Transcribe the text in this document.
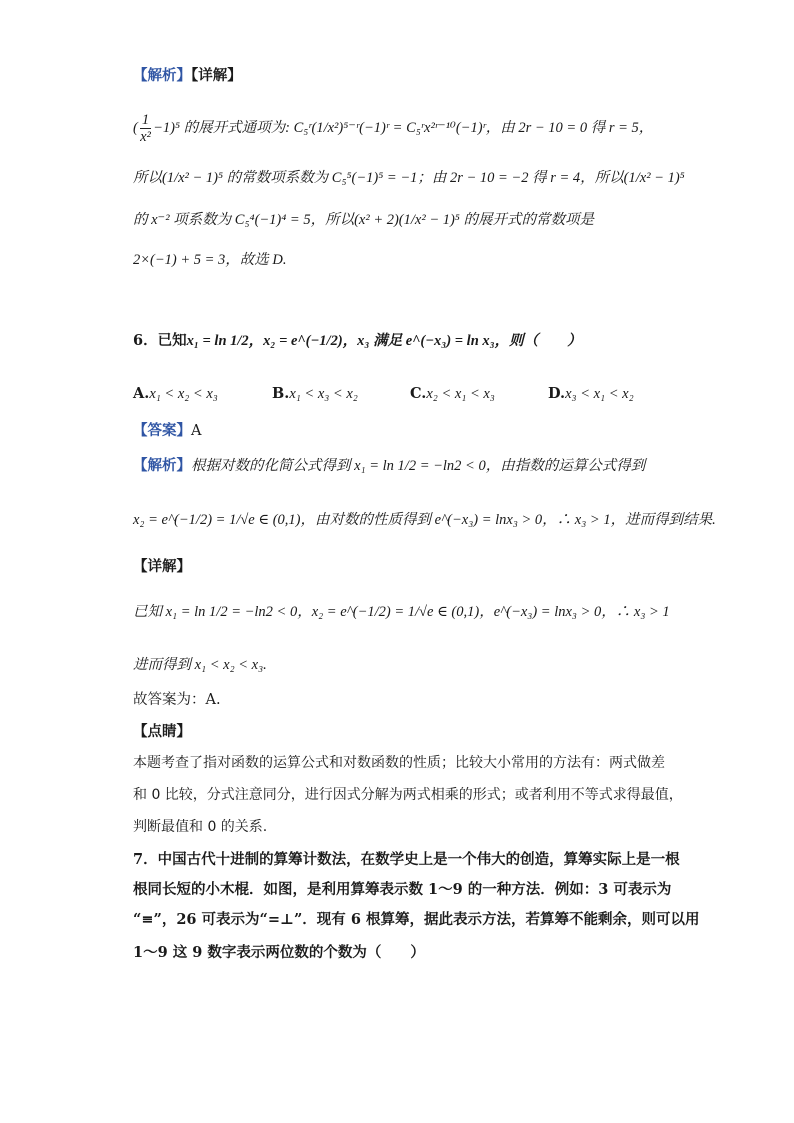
【解析】【详解】
( $\frac{1}{\text{x²}} -1)^5$ 的展开式通项为: C₅ʳ(1/x²)⁵⁻ʳ(−1)ʳ = C₅ʳx²ʳ⁻¹⁰(−1)ʳ，由 2r − 10 = 0 得 r = 5，
所以(1/x² − 1)⁵ 的常数项系数为 C₅⁵(−1)⁵ = −1；由 2r − 10 = −2 得 r = 4，所以(1/x² − 1)⁵
的 x⁻² 项系数为 C₅⁴(−1)⁴ = 5，所以(x² + 2)(1/x² − 1)⁵ 的展开式的常数项是
2×(−1) + 5 = 3，故选 D.
6．已知x₁ = ln 1/2，x₂ = e^(−1/2)，x₃ 满足 e^(−x₃) = ln x₃，则（　　）
A.x₁ < x₂ < x₃	B.x₁ < x₃ < x₂	C.x₂ < x₁ < x₃	D.x₃ < x₁ < x₂
【答案】A
【解析】根据对数的化简公式得到 x₁ = ln 1/2 = −ln2 < 0，由指数的运算公式得到
x₂ = e^(−1/2) = 1/√e ∈ (0,1)，由对数的性质得到 e^(−x₃) = lnx₃ > 0，∴ x₃ > 1，进而得到结果.
【详解】
已知 x₁ = ln 1/2 = −ln2 < 0，x₂ = e^(−1/2) = 1/√e ∈ (0,1)，e^(−x₃) = lnx₃ > 0，∴ x₃ > 1
进而得到 x₁ < x₂ < x₃.
故答案为：A.
【点睛】
本题考查了指对函数的运算公式和对数函数的性质；比较大小常用的方法有：两式做差
和 0 比较，分式注意同分，进行因式分解为两式相乘的形式；或者利用不等式求得最值，
判断最值和 0 的关系.
7．中国古代十进制的算筹计数法，在数学史上是一个伟大的创造，算筹实际上是一根
根同长短的小木棍．如图，是利用算筹表示数 1～9 的一种方法．例如：3 可表示为
“≡”，26 可表示为“=⊥”．现有 6 根算筹，据此表示方法，若算筹不能剩余，则可以用
1～9 这 9 数字表示两位数的个数为（　　）
